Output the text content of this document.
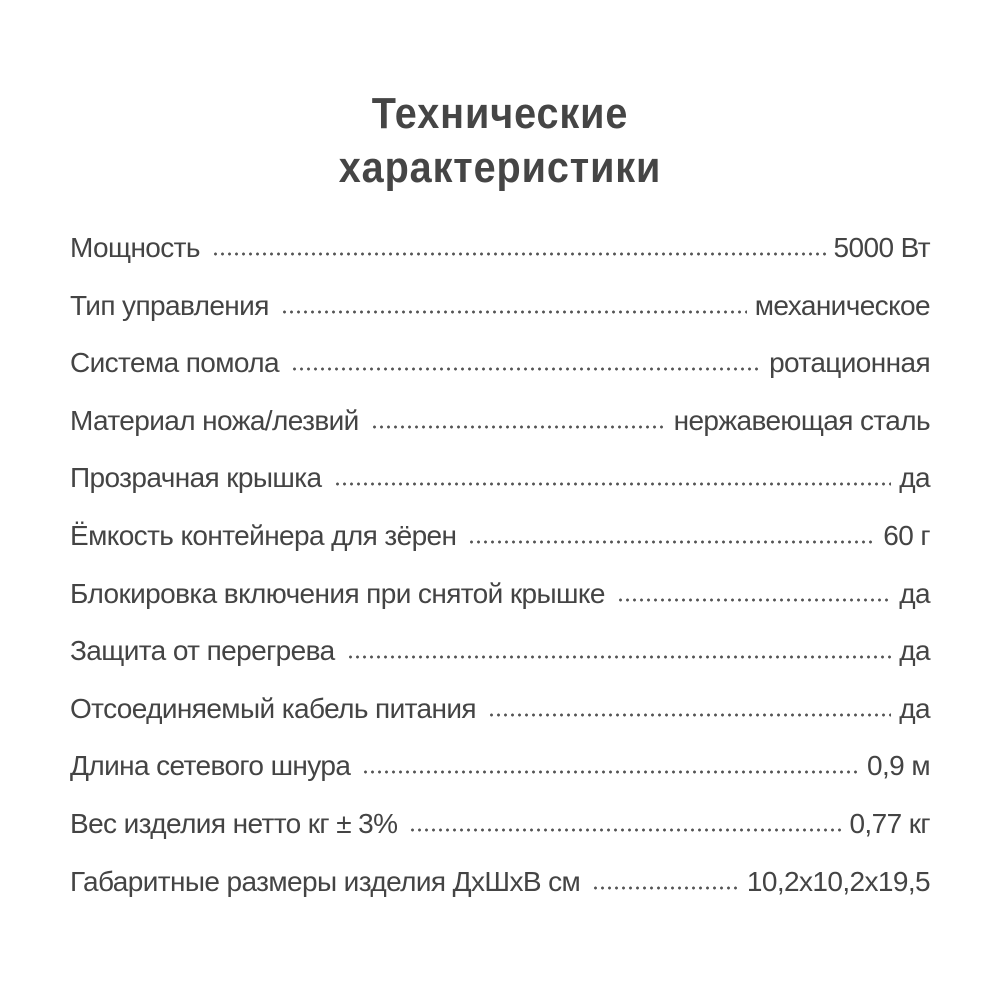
Технические
характеристики
Мощность	5000 Вт
Тип управления	механическое
Система помола	ротационная
Материал ножа/лезвий	нержавеющая сталь
Прозрачная крышка	да
Ёмкость контейнера для зёрен	60 г
Блокировка включения при снятой крышке	да
Защита от перегрева	да
Отсоединяемый кабель питания	да
Длина сетевого шнура	0,9 м
Вес изделия нетто кг ± 3%	0,77 кг
Габаритные размеры изделия ДхШхВ см	10,2х10,2х19,5
